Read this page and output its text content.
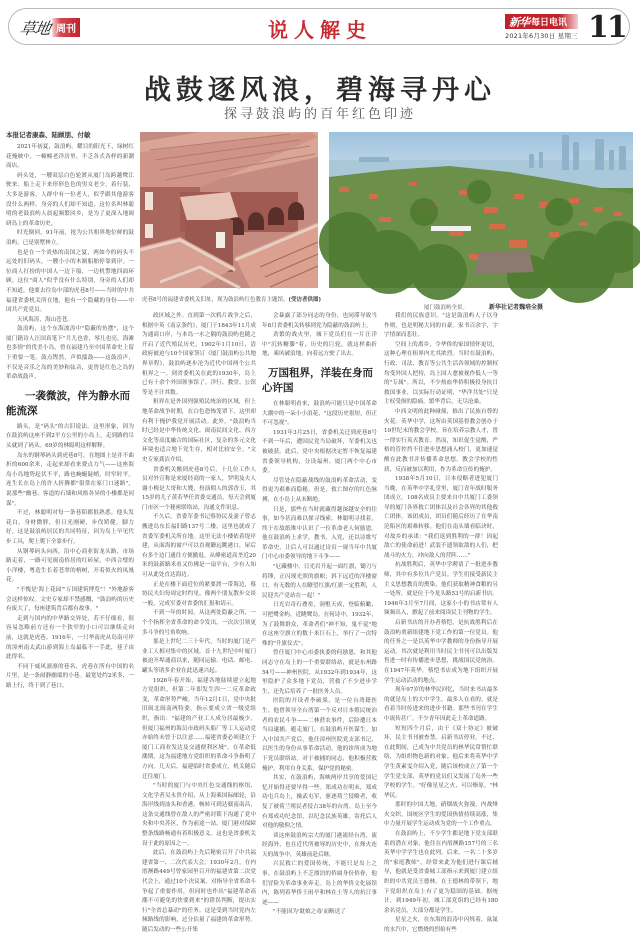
草地 周刊	说人解史	新华 每日电讯
2021年6月30日 星期三 11
战鼓逐风浪，碧海寻丹心
探寻鼓浪屿的百年红色印迹
本报记者康森、陆顾朋、付敏
虎巷8号的福建省委机关旧址，现为鼓浪屿红色教育主题馆。(受访者供图)
厦门鼓浪屿全景。	新华社记者魏培全摄

2021年初夏，鼓浪屿。耀目的阳光下，绿树红花掩映中，一幢幢老洋房里，不乏各式各样的新潮商店。

码头处，一艘双层白色轮渡从厦门岛跨越鹭江驶来。船上走下来形形色色的男女老少，着行装，大多是游客。人群中有一位老人，似乎跟其他游客没什么两样。身旁的人们却不知道，这位名叫林聪明的老鼓浪屿人晨起频繁回乡，是为了更深入地调研岛上的革命历史。

时光倒回，91年前，抢为公共租界地位鲜的鼓浪屿，已是别墅林立。

也是在一个炎热的南国之夏，两如今的码头不远处的旧码头，一艘小小的木制船舶停靠到岸。一位商人打扮的中国人一边下船，一边机警地四面环顾。这位"商人"似乎没有什么特别，身旁的人们却不知道，他要去往岛中部的虎巷8号——当时的中共福建省委机关所在地，他有一个隐藏的身份——中国共产党党员。

天风海涛，海山苍苍。

鼓浪屿，这个东海波涛中"隐蔽的鱼摆"，这个厦门籍诗人汪国真笔下"月儿也香，琴儿也亮，海滩也多情"的优美小岛，曾在福建乃至中国革命史上留下重要一笔。鼓点铿然，声似擂鼓——这鼓浪声，不仅是音乐之岛的美妙和弦音，更曾是红色之岛的革命战鼓声。

一袭微波，伴为静水而
能流深

路头，是"码头"的古旧说法。这里形象，因为在鼓浪屿这座不到2平方公里的小岛上，走到路的尽头就到了码头。69岁的林聪明这样解释。

岛东的钢琴码头到虎巷8号，在地图上是并不曲折的600余米，走起来却看来费点力气——这座海岛小岛地势起伏不平，路也蜿蜒陡峭，时窄时平。连生长在岛上的许人折腾都"很常在家门口迷路"，说那些"幽巷、客道的石墙和风格各异的小楼都是同谋"。

不过，林聪明对每一条巷陌都很熟悉。他头发花白，身材微胖，但日光刚硬，步伐矫健。脚力好，这是鼓浪屿居民的共同特征，因为岛上早见代步工具，爬上爬下全靠步行。

从钢琴码头向西，沿中心商业街龙头路，市场路走着，一路可见闽南侨居的红砖屋，中西合璧的小洋楼，粤造生长着苍翠的榕树，开着似火的凤凰花。

"不愧是'海上花园'"万国建筑博览"！"外地游客会这样惊叹。文史专家却不禁感慨，"鼓浪屿的历史有废大了，每座建筑背后都有故事。"

走到与国内的中华路交界处，若不仔细看，很容易忽略前方还有一个狭窄的小口可以继续走向前，这就是虎巷。1916年，一只华南虎从岛南可岸的漳州南太武山游到海上岛最临不一手此，巷子由此得名。

不同于威风凛凛的巷名，虎巷在所有中国的名片里，是一条闹静幽谧的小巷。最宽处约2米多，一路上行，终于到了巷口。

政区域之外。直到第一次鸦片战争之后，根据中英《南京条约》，厦门于1843年11月成为通商口岸，与本岛一水之隔的鼓浪屿也随之开启了近代殖民历史。1902年1月10日，清政府被迫与10个国家签订《厦门鼓浪屿公共地界章程》，鼓浪屿逐步沦为近代中国两个公共租界之一。到省委机关在此的1930年，岛上已有十余个外国领事馆了。洋行、教堂、公馆等是不计其数。

租界在是外国列强殖民统治的区域，但上地革命战争时期，在白色恐怖笼罩下，这里却有利于掩护我党开展活动。此外，"鼓浪屿当时已经是中华传统文化、闽南民间文化、西方文化等高度融合的国际社区，复杂的多元文化环境也适合地下党生存，相对比较安全。"文史专家龚洁介绍。

省委机关搬到虎巷8号后，十几位工作人员对外宣称是来厦经商的一家人，罗明及夫人谢小梅是大哥和大嫂，扮演佣人的郭香玉，其15岁的儿子黄若华任省委交通员，每天会到厦门市区一个秘密联络站，沟通文件讯息。

不久后，省委军委书记蔡协民及妻子曾志搬进岛东长福旧路137号二楼。这里也就成了省委军委机关所在地。这里无法小楼依着堤岸建，从面海的窗户可以直观瞭远眺港口，屋后有多个边门通往方便撤退。从峰密道高垄近20米的鼓新路米看又仿佛是一扇平台，少有人知可从此处直达海边。

正是在楼下面近位的紧要渡一带海边，蔡协民夫妇每周定时约见、像两个朋友散步交谈一般，完成军委对省委的汇报和请示。

不到一年的时间，从这两处隐蔽之所，一个个指挥全省革命的命令发出，一次次引领更多斗争的号角吹响。

那是上世纪二三十年代，当时的厦门是产业工人相对集中的区域。首十九世纪中叶厦门被迫开埠通商以来，随同运输、电话、邮电、罐头等诸多企业在此迅速兴起。

1926年春开始，福建各地陆续建立起地方党组织，但第二年即发生四一二反革命政变，革命形势严峻。当年12月1日，党中央批旧闽北闽南两特委，指示要成立省一级党组织，指出："福建的产业工人成分居最极少，但厦门福州的海员市政码头船厂等工人运动党亦始终未曾于以注意……福建省委必须建立于厦门工商业发达及交通便利区域"。在革命低潮期，这为福建地方党组织的革命斗争指明了方向。几天后，福建临时省委成立，机关随后迁往厦门。

"当时的厦门与中央红色交通线的枢纽、文化学者吴永贵介绍，从上海乘国际邮轮，沿海岸线到汕头和香港，畅转可到达赣南南昌，这条交通线曾在敌人的严密封锁下沟通了党中央和中央苏区，作为前途一站，厦门港对保障整条线路畅通有着积极意义。这也是省委机关设于此的原因之一。

此后，在鼓浪屿上先后秘密召开了中共福建省第一、二次代表大会。1930年2月，在内厝澳路449号曾家园里召开的福建省第二次党代会上，通过10个决议案，对指导全省革命斗争起了重要作用，但同时也作出"福建革命高潮不可避免的快要到来"的错误判断，提出实行"全省总暴动"的任务。这是受到当时党内左倾路线的影响，过分估量了福建的革命形势。随后发动的一些公开集

会暴露了部分同志的身份，也同滞导致当年8月省委机关转移到党为隐蔽的鼓浪屿上。

劲繁的战火里，城下党员们在一片汪洋中"沉转糖滕"着，历史的巨轮，就这样曲折地，乘风破浪地，向着远方驶了出去。

万国租界，洋装在身而
心许国

在林聪明看来，鼓浪屿可能只是中国革命大潮中的一朵小小浪花，"这段历史很短，但正不可忽视"。

1931年3月25日，省委机关迁到虎巷8号不到一年后，遭国民党当局破坏，军委机关也被破获。此后，党中央根据决定暂不恢复福建省委领导机构，分设福州、厦门两个中心市委。

尽管处在隐蔽战线的鼓浪屿革命活动，变得更为艰难而隐秘。但是，救亡图存的红色脉搏，在小岛上从未断绝。

只是，那些在当时就藏得越深越安全的往事，如今甚而难以探寻线索。林聪明寻找着，终于在故纸堆中认识了一位革命老人何励恩。他在鼓浪屿上求学，教书，入党，还以诗歌写革命史，让后人可以通过诗页一窥当年中共厦门中心市委领导的地下斗争——

"厄藏楼中，日光岩升起一面红旗，锄刀与将锤，正闪现光照的旗帜；斜下远近的洋楼窗口，有无数的人在瞭望红旗/红旗一定胜利，人民迎共产党站在一起！"

日光岩奇石叠垒，洞壑天成，登临俯瞰，可把鹭金屿，近眺鹭岛。在何诗中，1932年，为了鼓舞群众，革命者们"神不知，鬼不觉"地在这座空旗立的数十米巨石上，举行了一次特殊的"升旗仪式"。

曾任厦门中心市委执委的何励恩，和其他同志守在岛上的一个重要联络站，就是东州路54号——神州医院。从1932年到1934年，这里隐护了众多地下党员，营救了不少进步学生，还先后培养了一批医务人员。

医院的开设者李硕果，是一位台湾籍医生。他曾领导全台湾第一个反对日本殖民统治者的农民斗争——二林蔗农事件，后险遭日本当局逮捕，避走厦门，在鼓浪屿开医谋生。加入中国共产党后，他任漳州医院党支部书记，以医生的身份从事革命活动，他的诊所成为地下党员联络站。对于被捕的同志，他积极营救掩护。利用自身关系，保护党的秘密。

其实，在鼓浪屿，海峡两岸共享的爱国记忆开始得还要早得一些。郑成功在明末，郑成功屯兵岛上，操武屯军，驱逐荷兰侵略者，收复了被荷兰殖民者侵占38年的台湾。岛上至今有郑成功纪念馆，以纪念民族英雄，寄托后人对他的敬仰之情。

谈这座鼓浪屿宗大的厦门港流经台湾，流经海外，也在近代所被辱的历史中，在烽火连天的战争中，英雄前赴后继。

兴民救亡的爱国传统，不能只是岛上之事。在鼓浪屿上不乏漂泊的侨属身份侨眷，他们冒险为革命事业奔走。岛上的华侨文化展馆内，陈列着华侨王雨亭和林在土等人的抗日事迹——

"不能因为'耽娘之毒'而断送了

我们的民族意识。"这是鼓浪屿人子以身作则，也是明秘大同的自豪。家书百余字，字字情深而悲壮。

空间上的离乡，令华侨的家国情怀更切，这种心理在租界内尤其浓烈。当时在鼓浪屿，行政、司法、教育等公共生活各领域的控制权均受外国人把持，岛上国人愈被视作低人一等的"专属"。所以，不少热血华侨积极投身抗日救国事业，以实际行动证明，"华洋共处"只是主权受损的隐痛，繁华背后，无尽沧桑。

中西文明的此种碰撞，推出了民族自尊的火花。英华中学，这所由英国基督教会创办于19世纪末的教会学校，旨在培养宗教人才，曾一律实行英式教育。然而，知识促生觉醒，严格的管控挡不住进步思想涌入校门，更加速觉醒在此教书并传播革命思想。教会学校的性质，反而被加以利用，作为革命宣传的掩护。

1938年5月10日，日本侵略者进犯厦门当晚，在英华中学礼堂里，厦门青年战时服务团成立。108名成员主要来自中共厦门工委领导的厦门各界救亡团体以及社会各界的其他救亡团体。该团成员，团员们随后经历了在华南沦陷区的艰难转移。他们在南头墙看临诀时，对故乡的承诺："我们返到胜利的一群！因起敌亡的使命前进！武装不遗领取敌的人们，把战斗的火力，冲向敌人的营阵……"

抗战胜利后，英华中学聘请了一批进步教师，其中有多位共产党员。学生们接受新民主主义思想教育的熏染，他们获取精神食粮的另一处所，就是位于今龙头路53号的启新书店。1946年3月至7月间，这家小小的书店常有人频频出入，掀起了前来阅读民主刊物的学生。

启新书店的开办者蔡恺，是抗战胜利后在鼓浪屿重新组建地下党工作的第一位党员。他的任务之一是以英华中学教师的身份指导开展运动。其次就是利用当时民主书刊可以出版发售进一时有传播进步思想，挑战国民党统治。在1947年英华，蔡恺书店成为地下组织开展学生运动活动的地点。

现年97岁的林华民回忆，当时来书店最多的就是岛上的大中学生。最多人在看的，就是看着当时传进来的进步书籍。那些书刊在学生中流传甚广，不少青年因此走上革命道路。

短短四个月后，由于《双十协定》被破坏，民主书刊被查禁。启新书店停业。不过，在此期间，已成为中共党员的林华民常帮忙联络，为组织物色新的对象。他后来将英华中学学生黄素雯介绍入党，随后该校成立了第一个学生党支部，英华的党员们又发展了岛外一些学校的学生。"好像星星之火，可以燎原。"林华民。

那时的中国大地，硝烟战火弥漫，内战烽火交织，国统区学生的爱国热情持续高涨，集中力量开展学生运动成为党的一个工作重点。

在鼓浪屿上，不少学生都是地下党支部联系的潜在对象，他住在内厝澳路157号的三名英华中学学生也在此列。后来，一名二十多岁的"家庭教师"，经常来此为他们进行课后辅导，他就是受省委城工部指示来到厦门建立组织的中共党员王德林。在王德林的带领下，地下党组织在岛上有了更为稳固的基础。据统计，到1949年初，城工部党组的已经有180余名党员，大部分都是学生。

星星之火，在东海的浪涛中闪烁着，氤氲的水汽中，它燃烧的烈焰有些
